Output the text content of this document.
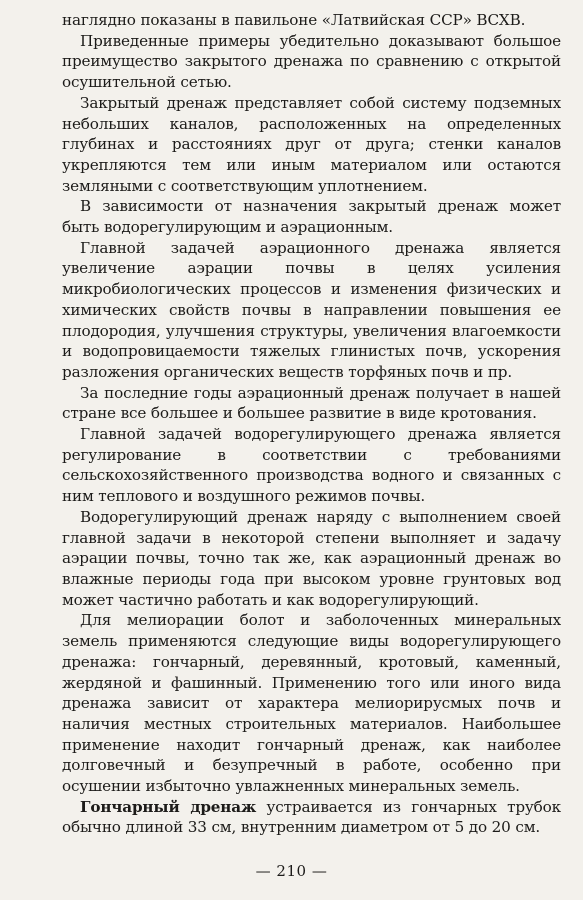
наглядно показаны в павильоне «Латвийская ССР» ВСХВ.

Приведенные примеры убедительно доказывают большое преимущество закрытого дренажа по сравнению с открытой осушительной сетью.

Закрытый дренаж представляет собой систему подземных небольших каналов, расположенных на определенных глубинах и расстояниях друг от друга; стенки каналов укрепляются тем или иным материалом или остаются земляными с соответствующим уплотнением.

В зависимости от назначения закрытый дренаж может быть водорегулирующим и аэрационным.

Главной задачей аэрационного дренажа является увеличение аэрации почвы в целях усиления микробиологических процессов и изменения физических и химических свойств почвы в направлении повышения ее плодородия, улучшения структуры, увеличения влагоемкости и водопровицаемости тяжелых глинистых почв, ускорения разложения органических веществ торфяных почв и пр.

За последние годы аэрационный дренаж получает в нашей стране все большее и большее развитие в виде кротования.

Главной задачей водорегулирующего дренажа является регулирование в соответствии с требованиями сельскохозяйственного производства водного и связанных с ним теплового и воздушного режимов почвы.

Водорегулирующий дренаж наряду с выполнением своей главной задачи в некоторой степени выполняет и задачу аэрации почвы, точно так же, как аэрационный дренаж во влажные периоды года при высоком уровне грунтовых вод может частично работать и как водорегулирующий.

Для мелиорации болот и заболоченных минеральных земель применяются следующие виды водорегулирующего дренажа: гончарный, деревянный, кротовый, каменный, жердяной и фашинный. Применению того или иного вида дренажа зависит от характера мелиорирусмых почв и наличия местных строительных материалов. Наибольшее применение находит гончарный дренаж, как наиболее долговечный и безупречный в работе, особенно при осушении избыточно увлажненных минеральных земель.

Гончарный дренаж устраивается из гончарных трубок обычно длиной 33 см, внутренним диаметром от 5 до 20 см.

— 210 —
